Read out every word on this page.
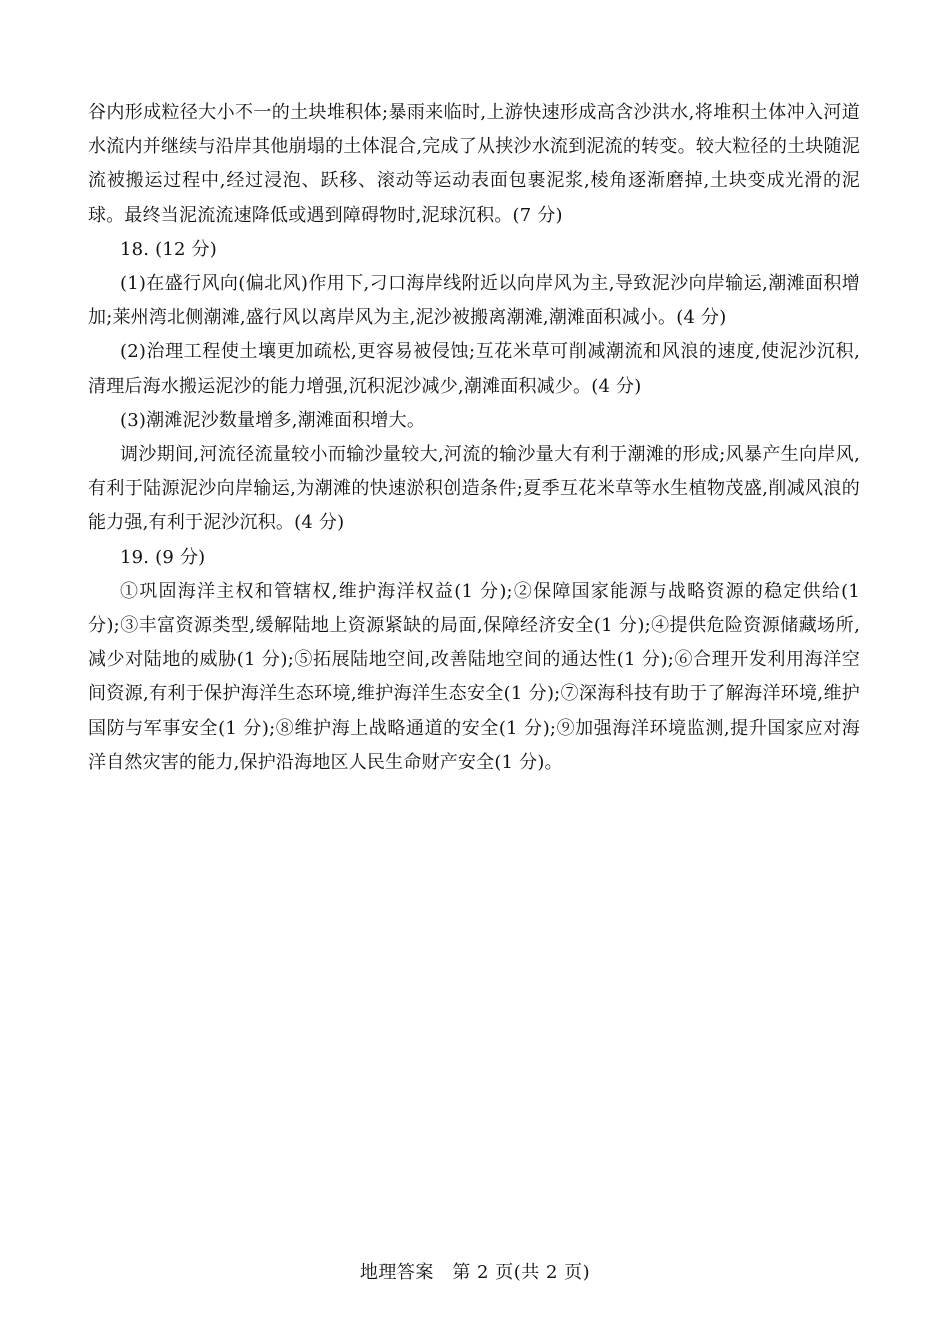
谷内形成粒径大小不一的土块堆积体;暴雨来临时,上游快速形成高含沙洪水,将堆积土体冲入河道水流内并继续与沿岸其他崩塌的土体混合,完成了从挟沙水流到泥流的转变。较大粒径的土块随泥流被搬运过程中,经过浸泡、跃移、滚动等运动表面包裹泥浆,棱角逐渐磨掉,土块变成光滑的泥球。最终当泥流流速降低或遇到障碍物时,泥球沉积。(7 分)

18. (12 分)

(1)在盛行风向(偏北风)作用下,刁口海岸线附近以向岸风为主,导致泥沙向岸输运,潮滩面积增加;莱州湾北侧潮滩,盛行风以离岸风为主,泥沙被搬离潮滩,潮滩面积减小。(4 分)

(2)治理工程使土壤更加疏松,更容易被侵蚀;互花米草可削减潮流和风浪的速度,使泥沙沉积,清理后海水搬运泥沙的能力增强,沉积泥沙减少,潮滩面积减少。(4 分)

(3)潮滩泥沙数量增多,潮滩面积增大。

调沙期间,河流径流量较小而输沙量较大,河流的输沙量大有利于潮滩的形成;风暴产生向岸风,有利于陆源泥沙向岸输运,为潮滩的快速淤积创造条件;夏季互花米草等水生植物茂盛,削减风浪的能力强,有利于泥沙沉积。(4 分)

19. (9 分)

①巩固海洋主权和管辖权,维护海洋权益(1 分);②保障国家能源与战略资源的稳定供给(1 分);③丰富资源类型,缓解陆地上资源紧缺的局面,保障经济安全(1 分);④提供危险资源储藏场所,减少对陆地的威胁(1 分);⑤拓展陆地空间,改善陆地空间的通达性(1 分);⑥合理开发利用海洋空间资源,有利于保护海洋生态环境,维护海洋生态安全(1 分);⑦深海科技有助于了解海洋环境,维护国防与军事安全(1 分);⑧维护海上战略通道的安全(1 分);⑨加强海洋环境监测,提升国家应对海洋自然灾害的能力,保护沿海地区人民生命财产安全(1 分)。

地理答案　第 2 页(共 2 页)
